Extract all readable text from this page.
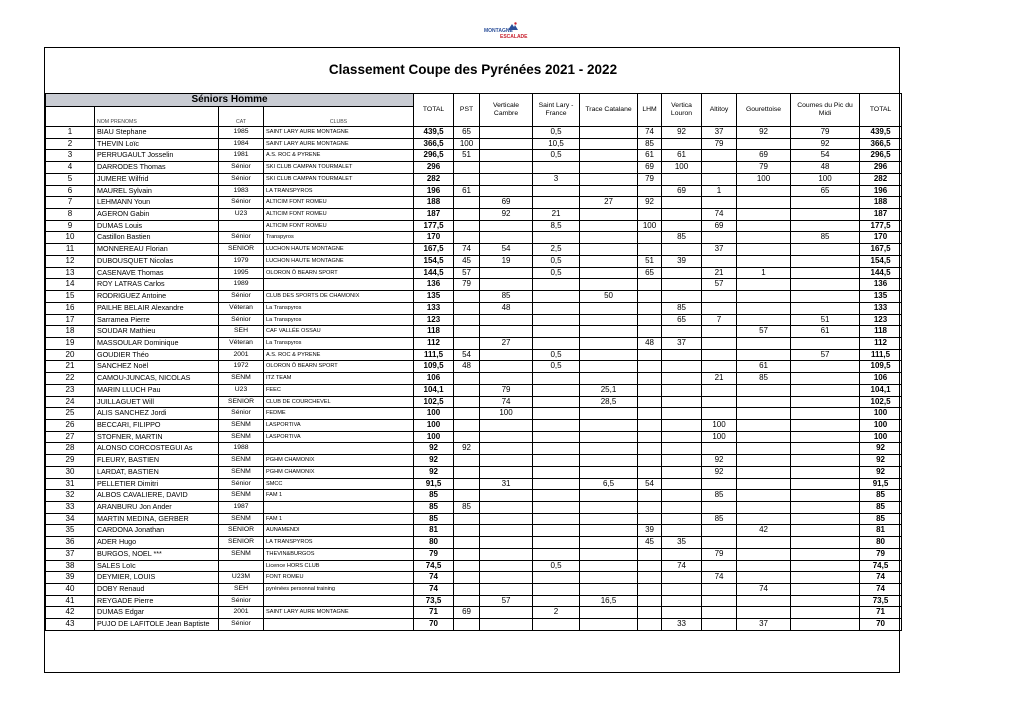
MONTAGNE
ESCALADE
Classement Coupe des Pyrénées 2021 - 2022
Séniors Homme				TOTAL	PST	Verticale Cambre	Saint Lary - France	Trace Catalane	LHM	Vertica Louron	Altitoy	Gourettoise	Coumes du Pic du Midi	TOTAL
	NOM PRENOMS	CAT	CLUBS											
1	BIAU Stephane	1985	SAINT LARY AURE MONTAGNE	439,5	65		0,5		74	92	37	92	79	439,5
2	THEVIN Loïc	1984	SAINT LARY AURE MONTAGNE	366,5	100		10,5		85		79		92	366,5
3	PERRUGAULT Josselin	1981	A.S. ROC & PYRENE	296,5	51		0,5		61	61		69	54	296,5
4	DARRODES Thomas	Sénior	SKI CLUB CAMPAN TOURMALET	296					69	100		79	48	296
5	JUMERE Wilfrid	Sénior	SKI CLUB CAMPAN TOURMALET	282			3		79			100	100	282
6	MAUREL Sylvain	1983	LA TRANSPYROS	196	61					69	1		65	196
7	LEHMANN Youn	Sénior	ALTICIM FONT ROMEU	188		69		27	92					188
8	AGERON Gabin	U23	ALTICIM FONT ROMEU	187		92	21				74			187
9	DUMAS Louis		ALTICIM FONT ROMEU	177,5			8,5		100		69			177,5
10	Castillon Bastien	Sénior	Transpyros	170						85			85	170
11	MONNEREAU Florian	SENIOR	LUCHON HAUTE MONTAGNE	167,5	74	54	2,5				37			167,5
12	DUBOUSQUET Nicolas	1979	LUCHON HAUTE MONTAGNE	154,5	45	19	0,5		51	39				154,5
13	CASENAVE Thomas	1995	OLORON Ô BEARN SPORT	144,5	57		0,5		65		21	1		144,5
14	ROY LATRAS Carlos	1989		136	79						57			136
15	RODRIGUEZ Antoine	Sénior	CLUB DES SPORTS DE CHAMONIX	135		85		50						135
16	PAILHE BELAIR Alexandre	Véteran	La Transpyros	133		48				85				133
17	Sarramea Pierre	Sénior	La Transpyros	123						65	7		51	123
18	SOUDAR Mathieu	SEH	CAF VALLÉE OSSAU	118								57	61	118
19	MASSOULAR Dominique	Véteran	La Transpyros	112		27			48	37				112
20	GOUDIER Théo	2001	A.S. ROC & PYRENE	111,5	54		0,5						57	111,5
21	SANCHEZ Noël	1972	OLORON Ô BEARN SPORT	109,5	48		0,5					61		109,5
22	CAMOU-JUNCAS, NICOLAS	SENM	ITZ TEAM	106							21	85		106
23	MARIN LLUCH Pau	U23	FEEC	104,1		79		25,1						104,1
24	JUILLAGUET Will	SENIOR	CLUB DE COURCHEVEL	102,5		74		28,5						102,5
25	ALIS SANCHEZ Jordi	Sénior	FEDME	100		100								100
26	BECCARI, FILIPPO	SENM	LASPORTIVA	100							100			100
27	STOFNER, MARTIN	SENM	LASPORTIVA	100							100			100
28	ALONSO CORCOSTEGUI As	1988		92	92									92
29	FLEURY, BASTIEN	SENM	PGHM CHAMONIX	92							92			92
30	LARDAT, BASTIEN	SENM	PGHM CHAMONIX	92							92			92
31	PELLETIER Dimitri	Sénior	SMCC	91,5		31		6,5	54					91,5
32	ALBOS CAVALIERE, DAVID	SENM	FAM 1	85							85			85
33	ARANBURU Jon Ander	1987		85	85									85
34	MARTIN MEDINA, GERBER	SENM	FAM 1	85							85			85
35	CARDONA Jonathan	SENIOR	AUNAMENDI	81					39			42		81
36	ADER Hugo	SENIOR	LA TRANSPYROS	80					45	35				80
37	BURGOS, NOEL ***	SENM	THEVIN&BURGOS	79							79			79
38	SALES Loïc		Licence HORS CLUB	74,5			0,5			74				74,5
39	DEYMIER, LOUIS	U23M	FONT ROMEU	74							74			74
40	DOBY Renaud	SEH	pyrénées personnal training	74								74		74
41	REYGADE Pierre	Sénior		73,5		57		16,5						73,5
42	DUMAS Edgar	2001	SAINT LARY AURE MONTAGNE	71	69		2							71
43	PUJO DE LAFITOLE Jean Baptiste	Sénior		70						33		37		70
